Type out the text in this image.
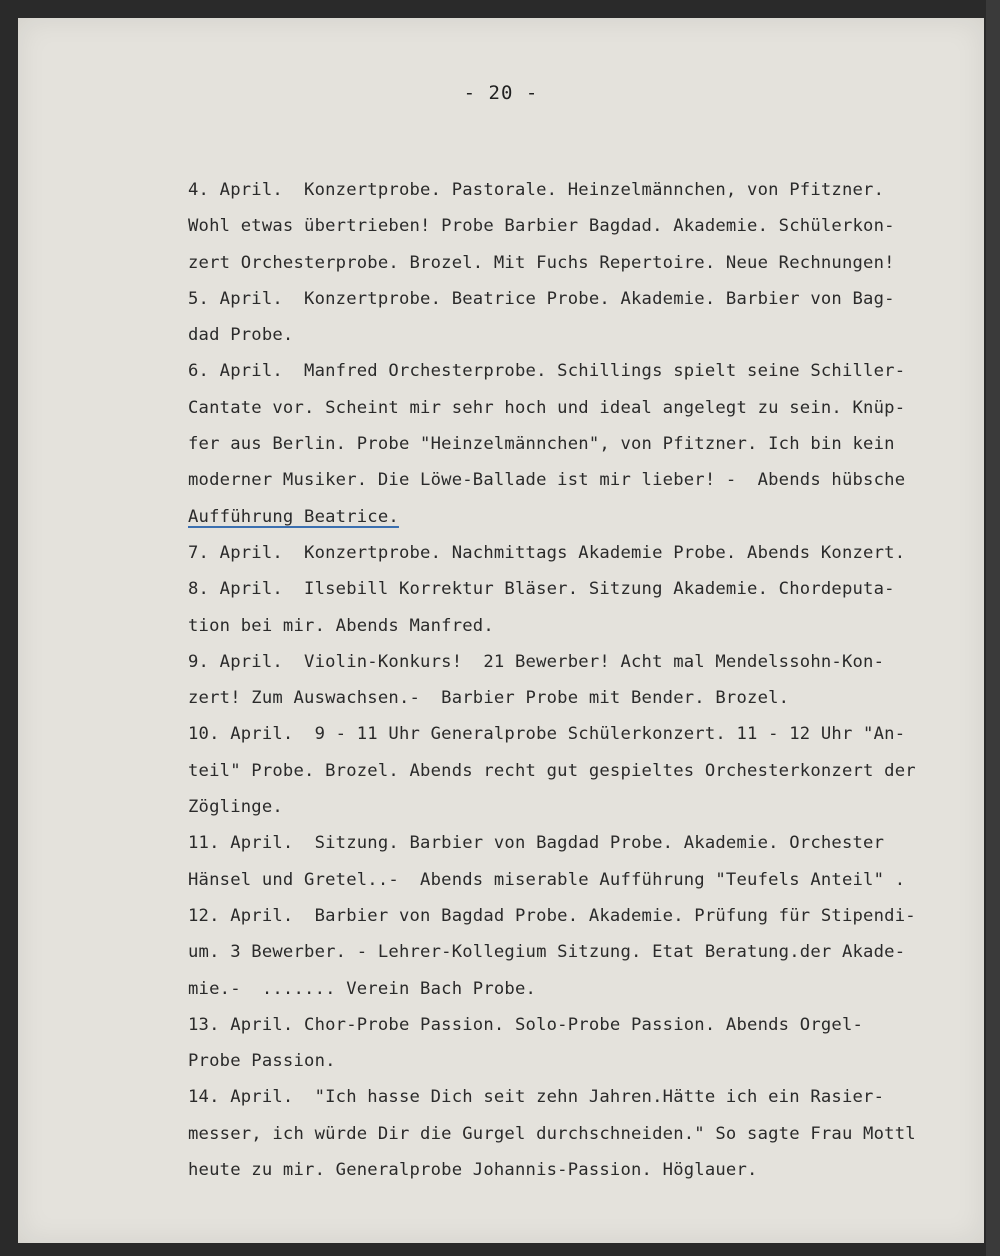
- 20 -
4. April.  Konzertprobe. Pastorale. Heinzelmännchen, von Pfitzner.
Wohl etwas übertrieben! Probe Barbier Bagdad. Akademie. Schülerkon-
zert Orchesterprobe. Brozel. Mit Fuchs Repertoire. Neue Rechnungen!
5. April.  Konzertprobe. Beatrice Probe. Akademie. Barbier von Bag-
dad Probe.
6. April.  Manfred Orchesterprobe. Schillings spielt seine Schiller-
Cantate vor. Scheint mir sehr hoch und ideal angelegt zu sein. Knüp-
fer aus Berlin. Probe "Heinzelmännchen", von Pfitzner. Ich bin kein
moderner Musiker. Die Löwe-Ballade ist mir lieber! -  Abends hübsche
Aufführung Beatrice.
7. April.  Konzertprobe. Nachmittags Akademie Probe. Abends Konzert.
8. April.  Ilsebill Korrektur Bläser. Sitzung Akademie. Chordeputa-
tion bei mir. Abends Manfred.
9. April.  Violin-Konkurs!  21 Bewerber! Acht mal Mendelssohn-Kon-
zert! Zum Auswachsen.-  Barbier Probe mit Bender. Brozel.
10. April.  9 - 11 Uhr Generalprobe Schülerkonzert. 11 - 12 Uhr "An-
teil" Probe. Brozel. Abends recht gut gespieltes Orchesterkonzert der
Zöglinge.
11. April.  Sitzung. Barbier von Bagdad Probe. Akademie. Orchester
Hänsel und Gretel..-  Abends miserable Aufführung "Teufels Anteil" .
12. April.  Barbier von Bagdad Probe. Akademie. Prüfung für Stipendi-
um. 3 Bewerber. - Lehrer-Kollegium Sitzung. Etat Beratung.der Akade-
mie.-  ....... Verein Bach Probe.
13. April. Chor-Probe Passion. Solo-Probe Passion. Abends Orgel-
Probe Passion.
14. April.  "Ich hasse Dich seit zehn Jahren.Hätte ich ein Rasier-
messer, ich würde Dir die Gurgel durchschneiden." So sagte Frau Mottl
heute zu mir. Generalprobe Johannis-Passion. Höglauer.
